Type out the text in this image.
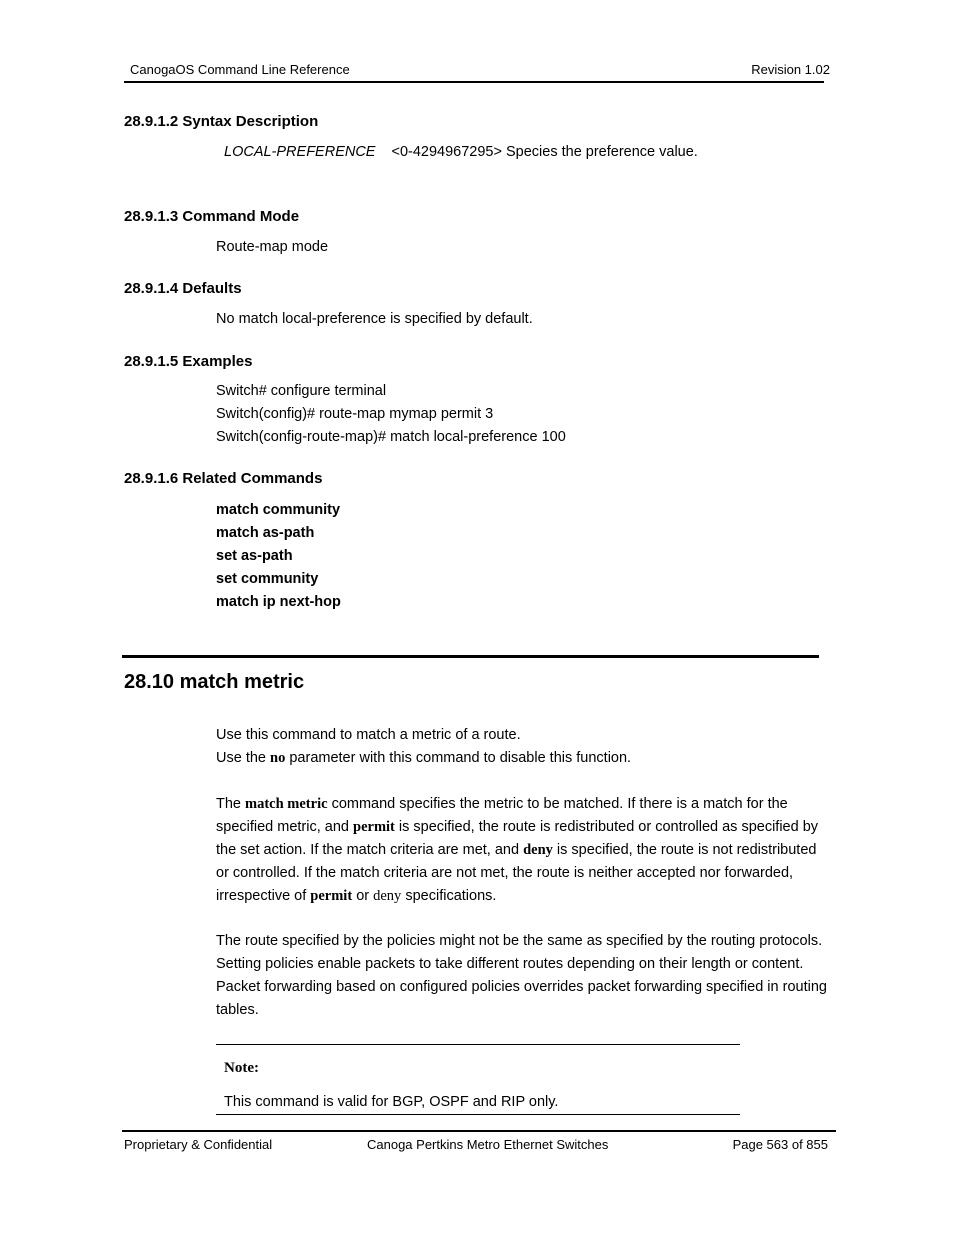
CanogaOS Command Line Reference	Revision 1.02
28.9.1.2 Syntax Description
LOCAL-PREFERENCE <0-4294967295> Species the preference value.
28.9.1.3 Command Mode
Route-map mode
28.9.1.4 Defaults
No match local-preference is specified by default.
28.9.1.5 Examples
Switch# configure terminal
Switch(config)# route-map mymap permit 3
Switch(config-route-map)# match local-preference 100
28.9.1.6 Related Commands
match community
match as-path
set as-path
set community
match ip next-hop
28.10 match metric
Use this command to match a metric of a route.
Use the no parameter with this command to disable this function.
The match metric command specifies the metric to be matched. If there is a match for the
specified metric, and permit is specified, the route is redistributed or controlled as specified by
the set action. If the match criteria are met, and deny is specified, the route is not redistributed
or controlled. If the match criteria are not met, the route is neither accepted nor forwarded,
irrespective of permit or deny specifications.
The route specified by the policies might not be the same as specified by the routing protocols.
Setting policies enable packets to take different routes depending on their length or content.
Packet forwarding based on configured policies overrides packet forwarding specified in routing
tables.
Note:
This command is valid for BGP, OSPF and RIP only.
Proprietary & Confidential	Canoga Pertkins Metro Ethernet Switches	Page 563 of 855
